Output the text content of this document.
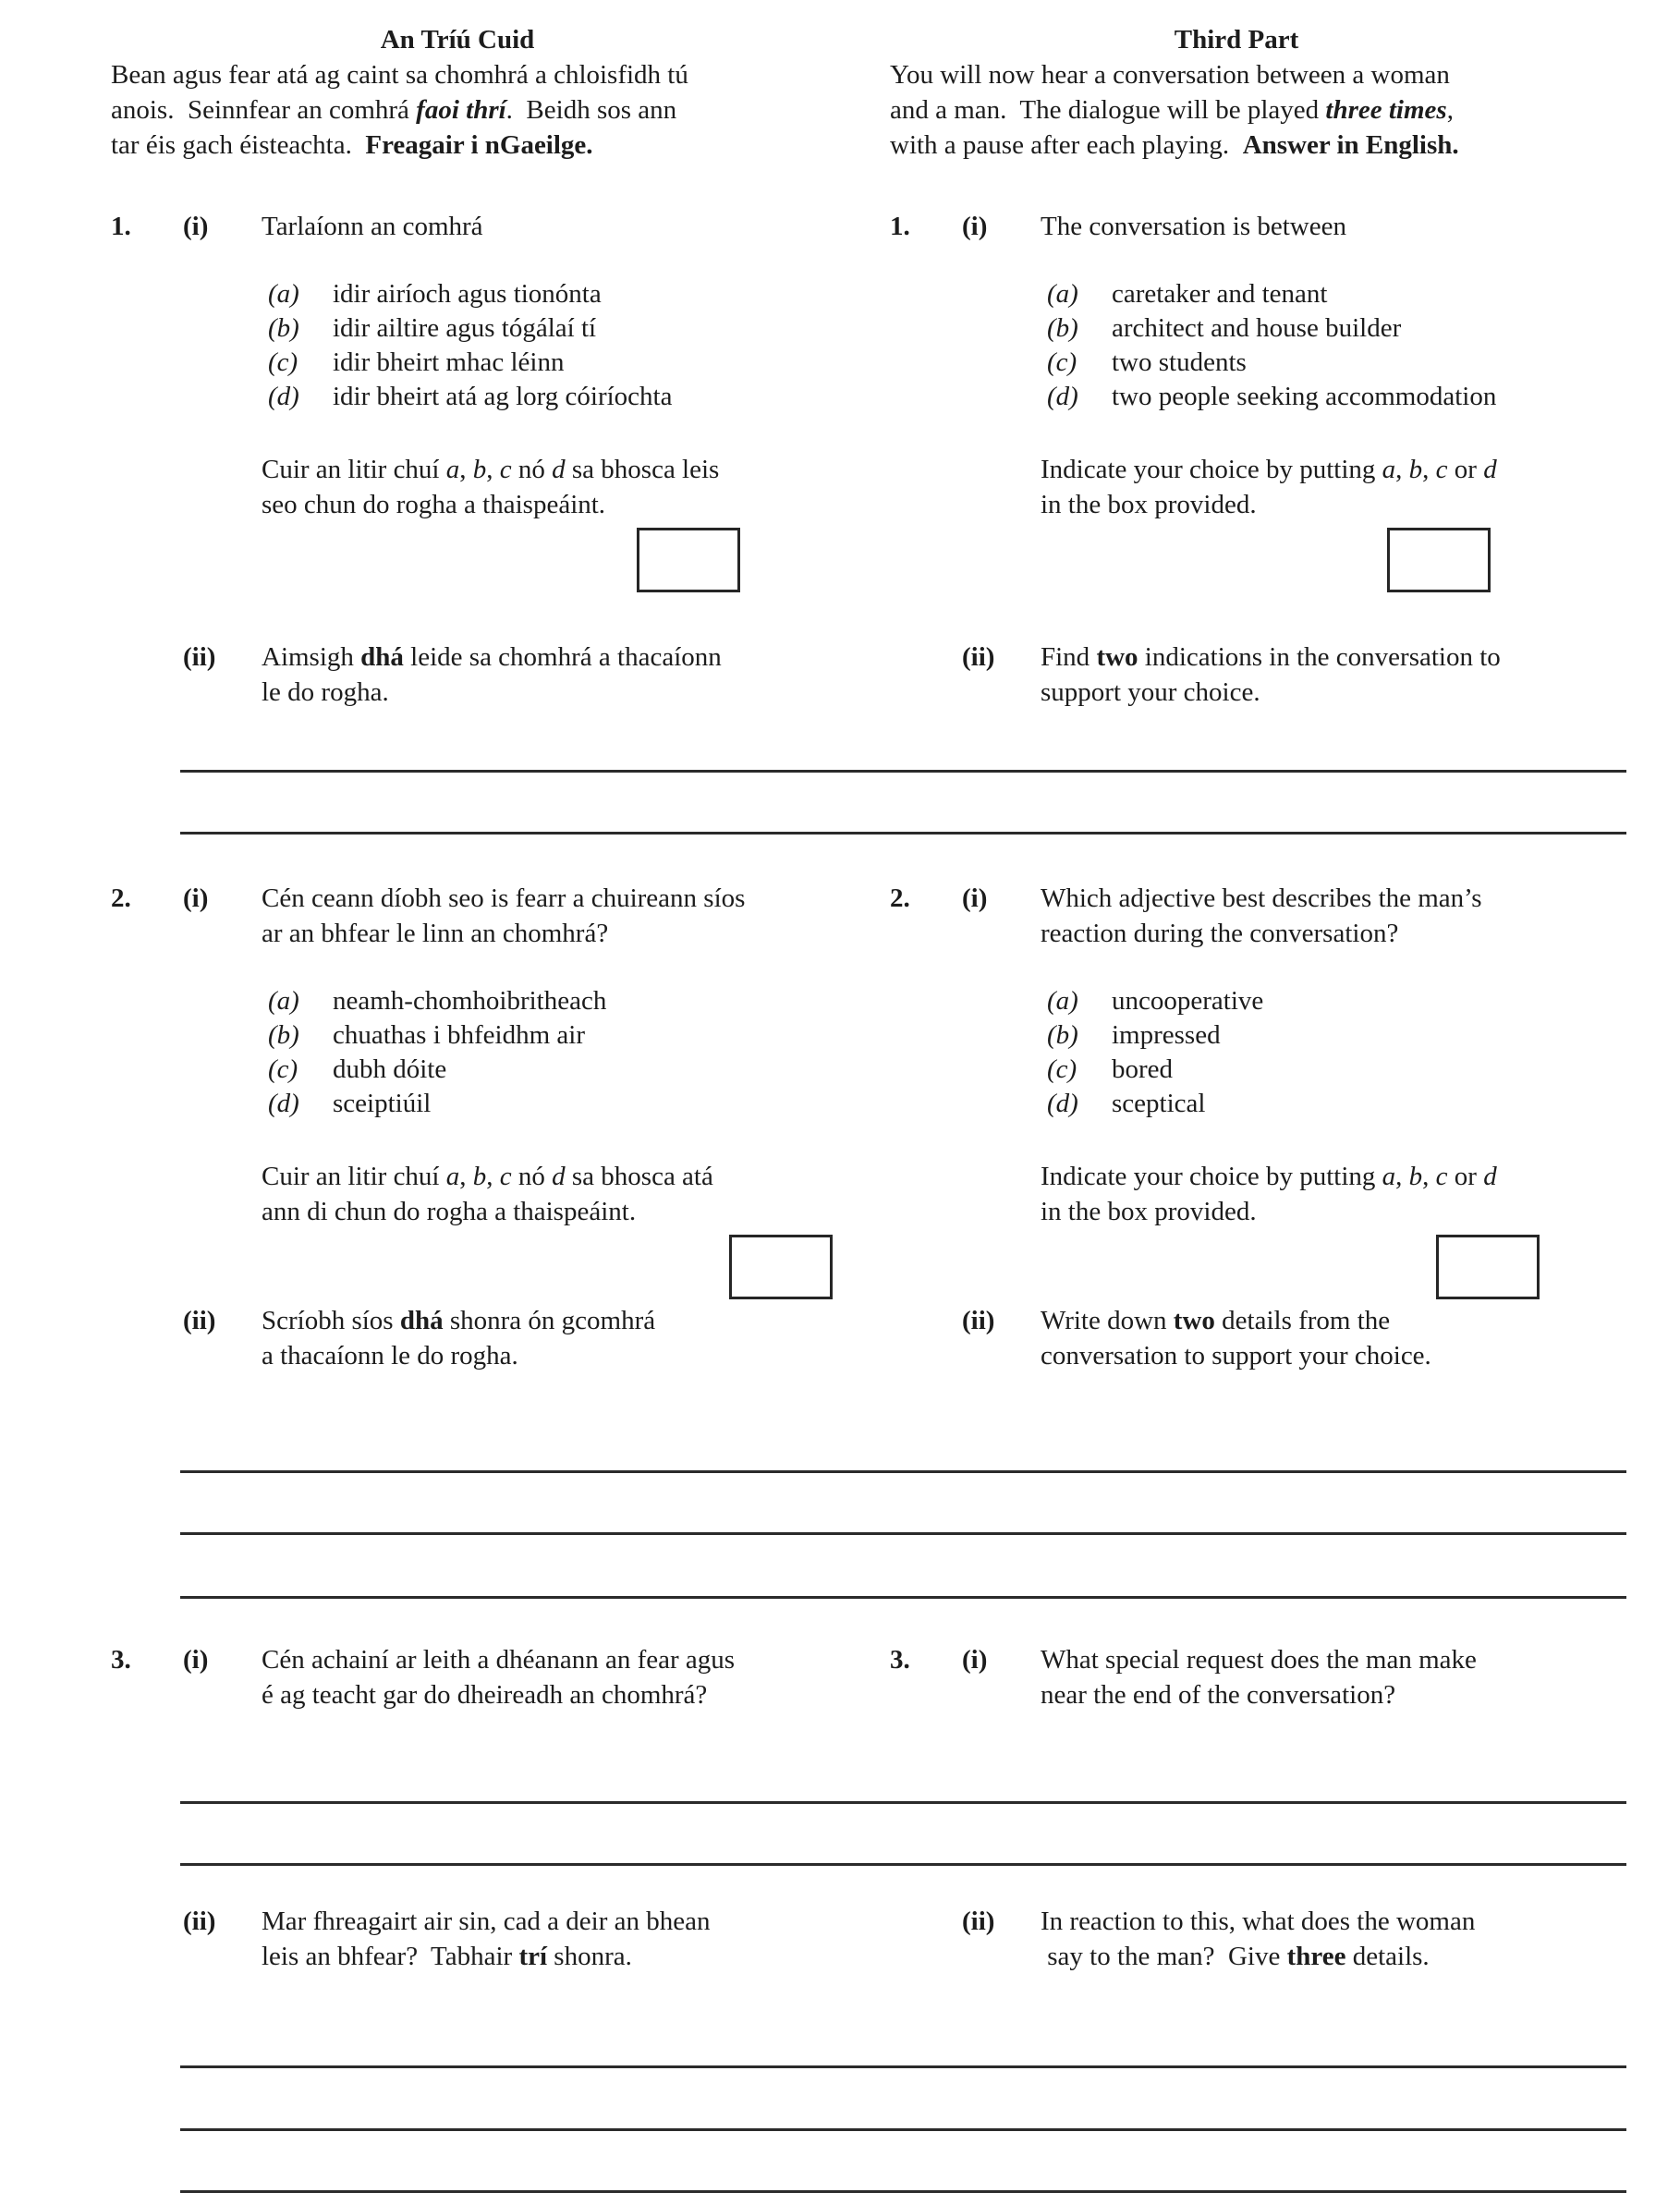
An Tríú Cuid
Bean agus fear atá ag caint sa chomhrá a chloisfidh tú
anois.  Seinnfear an comhrá faoi thrí.  Beidh sos ann
tar éis gach éisteachta.  Freagair i nGaeilge.
Third Part
You will now hear a conversation between a woman
and a man.  The dialogue will be played three times,
with a pause after each playing.  Answer in English.
1.	(i)	Tarlaíonn an comhrá
(a)	idir airíoch agus tionónta
(b)	idir ailtire agus tógálaí tí
(c)	idir bheirt mhac léinn
(d)	idir bheirt atá ag lorg cóiríochta
Cuir an litir chuí a, b, c nó d sa bhosca leis
seo chun do rogha a thaispeáint.
(ii)	Aimsigh dhá leide sa chomhrá a thacaíonn
le do rogha.
1.	(i)	The conversation is between
(a)	caretaker and tenant
(b)	architect and house builder
(c)	two students
(d)	two people seeking accommodation
Indicate your choice by putting a, b, c or d
in the box provided.
(ii)	Find two indications in the conversation to
support your choice.
2.	(i)	Cén ceann díobh seo is fearr a chuireann síos
ar an bhfear le linn an chomhrá?
(a)	neamh-chomhoibritheach
(b)	chuathas i bhfeidhm air
(c)	dubh dóite
(d)	sceiptiúil
Cuir an litir chuí a, b, c nó d sa bhosca atá
ann di chun do rogha a thaispeáint.
(ii)	Scríobh síos dhá shonra ón gcomhrá
a thacaíonn le do rogha.
2.	(i)	Which adjective best describes the man’s
reaction during the conversation?
(a)	uncooperative
(b)	impressed
(c)	bored
(d)	sceptical
Indicate your choice by putting a, b, c or d
in the box provided.
(ii)	Write down two details from the
conversation to support your choice.
3.	(i)	Cén achainí ar leith a dhéanann an fear agus
é ag teacht gar do dheireadh an chomhrá?
3.	(i)	What special request does the man make
near the end of the conversation?
(ii)	Mar fhreagairt air sin, cad a deir an bhean
leis an bhfear?  Tabhair trí shonra.
(ii)	In reaction to this, what does the woman
say to the man?  Give three details.
